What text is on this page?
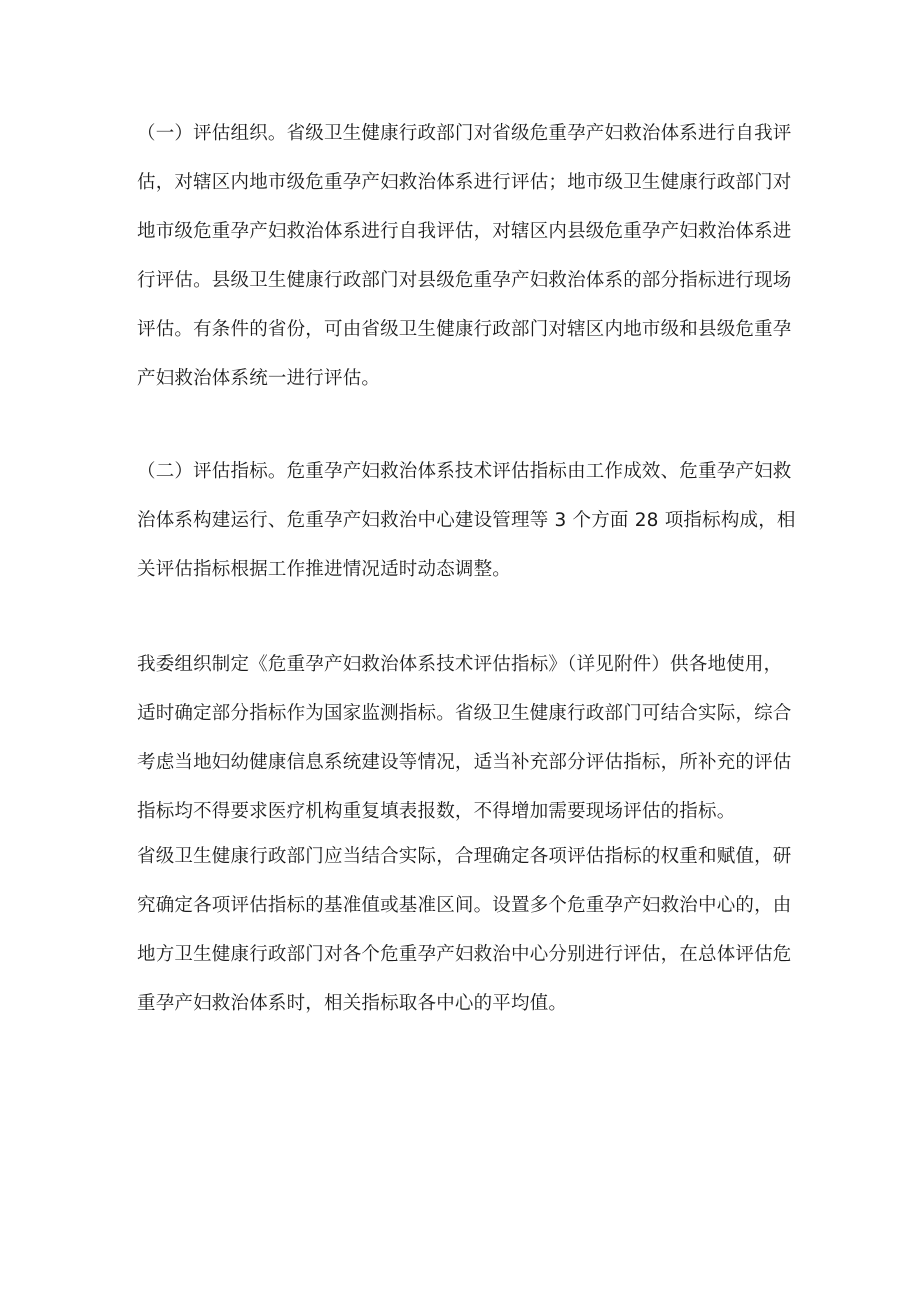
（一）评估组织。省级卫生健康行政部门对省级危重孕产妇救治体系进行自我评
估，对辖区内地市级危重孕产妇救治体系进行评估；地市级卫生健康行政部门对
地市级危重孕产妇救治体系进行自我评估，对辖区内县级危重孕产妇救治体系进
行评估。县级卫生健康行政部门对县级危重孕产妇救治体系的部分指标进行现场
评估。有条件的省份，可由省级卫生健康行政部门对辖区内地市级和县级危重孕
产妇救治体系统一进行评估。
（二）评估指标。危重孕产妇救治体系技术评估指标由工作成效、危重孕产妇救
治体系构建运行、危重孕产妇救治中心建设管理等 3 个方面 28 项指标构成，相
关评估指标根据工作推进情况适时动态调整。
我委组织制定《危重孕产妇救治体系技术评估指标》（详见附件）供各地使用，
适时确定部分指标作为国家监测指标。省级卫生健康行政部门可结合实际，综合
考虑当地妇幼健康信息系统建设等情况，适当补充部分评估指标，所补充的评估
指标均不得要求医疗机构重复填表报数，不得增加需要现场评估的指标。
省级卫生健康行政部门应当结合实际，合理确定各项评估指标的权重和赋值，研
究确定各项评估指标的基准值或基准区间。设置多个危重孕产妇救治中心的，由
地方卫生健康行政部门对各个危重孕产妇救治中心分别进行评估，在总体评估危
重孕产妇救治体系时，相关指标取各中心的平均值。
